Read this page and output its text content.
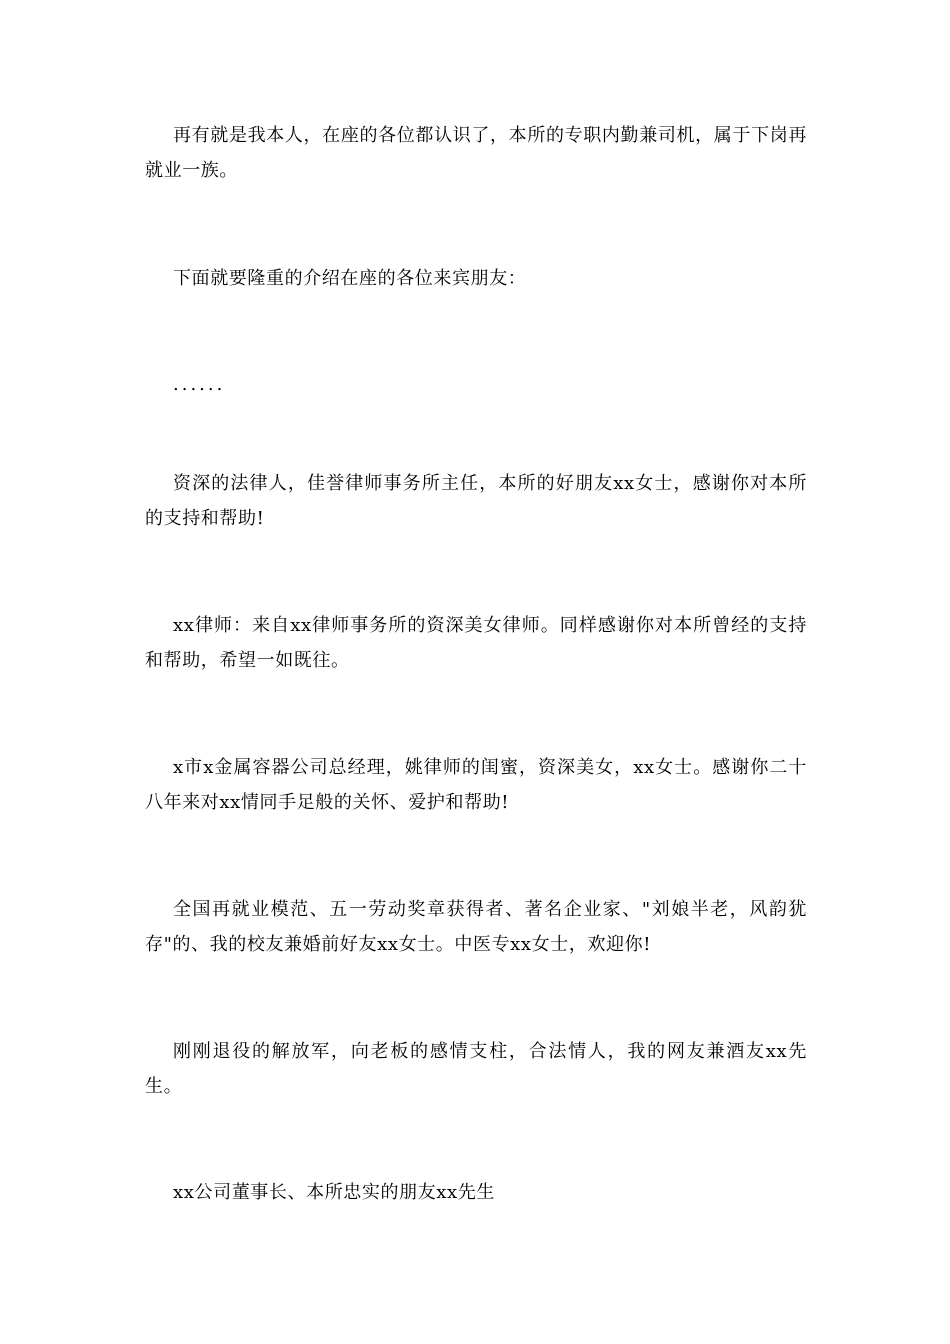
再有就是我本人，在座的各位都认识了，本所的专职内勤兼司机，属于下岗再就业一族。

下面就要隆重的介绍在座的各位来宾朋友：

......

资深的法律人，佳誉律师事务所主任，本所的好朋友xx女士，感谢你对本所的支持和帮助!

xx律师：来自xx律师事务所的资深美女律师。同样感谢你对本所曾经的支持和帮助，希望一如既往。

x市x金属容器公司总经理，姚律师的闺蜜，资深美女，xx女士。感谢你二十八年来对xx情同手足般的关怀、爱护和帮助!

全国再就业模范、五一劳动奖章获得者、著名企业家、"刘娘半老，风韵犹存"的、我的校友兼婚前好友xx女士。中医专xx女士，欢迎你!

刚刚退役的解放军，向老板的感情支柱，合法情人，我的网友兼酒友xx先生。

xx公司董事长、本所忠实的朋友xx先生
